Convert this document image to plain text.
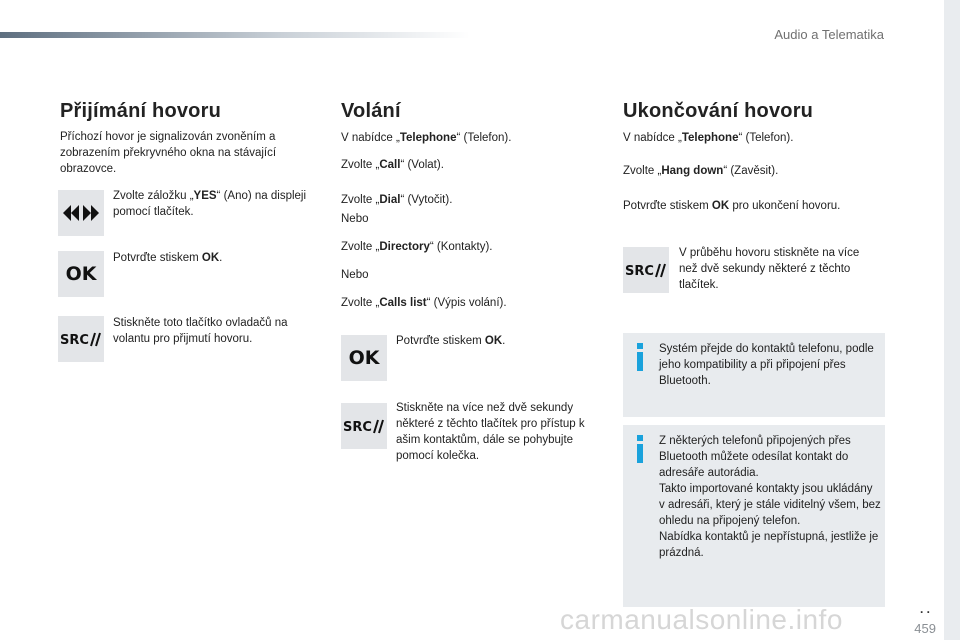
Audio a Telematika
Přijímání hovoru
Příchozí hovor je signalizován zvoněním a zobrazením překryvného okna na stávající obrazovce.
Zvolte záložku „YES“ (Ano) na displeji pomocí tlačítek.
OK
Potvrďte stiskem OK.
SRC
Stiskněte toto tlačítko ovladačů na volantu pro přijmutí hovoru.
Volání
V nabídce „Telephone“ (Telefon).
Zvolte „Call“ (Volat).
Zvolte „Dial“ (Vytočit).
Nebo
Zvolte „Directory“ (Kontakty).
Nebo
Zvolte „Calls list“ (Výpis volání).
OK
Potvrďte stiskem OK.
SRC
Stiskněte na více než dvě sekundy některé z těchto tlačítek pro přístup k ašim kontaktům, dále se pohybujte pomocí kolečka.
Ukončování hovoru
V nabídce „Telephone“ (Telefon).
Zvolte „Hang down“ (Zavěsit).
Potvrďte stiskem OK pro ukončení hovoru.
SRC
V průběhu hovoru stiskněte na více než dvě sekundy některé z těchto tlačítek.
Systém přejde do kontaktů telefonu, podle jeho kompatibility a při připojení přes Bluetooth.
Z některých telefonů připojených přes Bluetooth můžete odesílat kontakt do adresáře autorádia.
Takto importované kontakty jsou ukládány v adresáři, který je stále viditelný všem, bez ohledu na připojený telefon.
Nabídka kontaktů je nepřístupná, jestliže je prázdná.
. .
carmanualsonline.info	459
